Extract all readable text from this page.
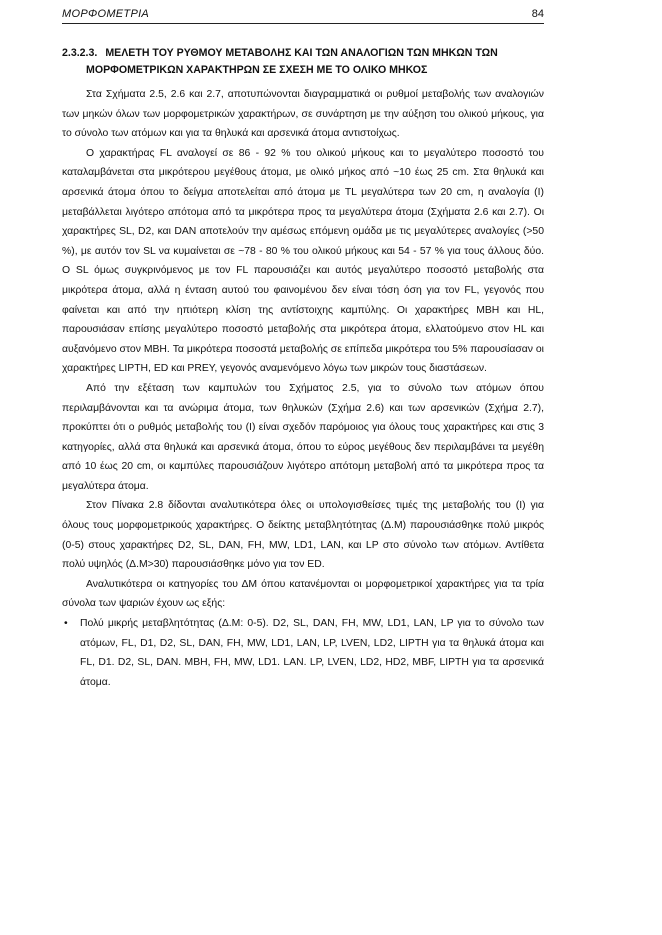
ΜΟΡΦΟΜΕΤΡΙΑ	84
2.3.2.3. ΜΕΛΕΤΗ ΤΟΥ ΡΥΘΜΟΥ ΜΕΤΑΒΟΛΗΣ ΚΑΙ ΤΩΝ ΑΝΑΛΟΓΙΩΝ ΤΩΝ ΜΗΚΩΝ ΤΩΝ ΜΟΡΦΟΜΕΤΡΙΚΩΝ ΧΑΡΑΚΤΗΡΩΝ ΣΕ ΣΧΕΣΗ ΜΕ ΤΟ ΟΛΙΚΟ ΜΗΚΟΣ

Στα Σχήματα 2.5, 2.6 και 2.7, αποτυπώνονται διαγραμματικά οι ρυθμοί μεταβολής των αναλογιών των μηκών όλων των μορφομετρικών χαρακτήρων, σε συνάρτηση με την αύξηση του ολικού μήκους, για το σύνολο των ατόμων και για τα θηλυκά και αρσενικά άτομα αντιστοίχως.

Ο χαρακτήρας FL αναλογεί σε 86 - 92 % του ολικού μήκους και το μεγαλύτερο ποσοστό του καταλαμβάνεται στα μικρότερου μεγέθους άτομα, με ολικό μήκος από ~10 έως 25 cm. Στα θηλυκά και αρσενικά άτομα όπου το δείγμα αποτελείται από άτομα με TL μεγαλύτερα των 20 cm, η αναλογία (I) μεταβάλλεται λιγότερο απότομα από τα μικρότερα προς τα μεγαλύτερα άτομα (Σχήματα 2.6 και 2.7). Οι χαρακτήρες SL, D2, και DAN αποτελούν την αμέσως επόμενη ομάδα με τις μεγαλύτερες αναλογίες (>50 %), με αυτόν τον SL να κυμαίνεται σε ~78 - 80 % του ολικού μήκους και 54 - 57 % για τους άλλους δύο. Ο SL όμως συγκρινόμενος με τον FL παρουσιάζει και αυτός μεγαλύτερο ποσοστό μεταβολής στα μικρότερα άτομα, αλλά η ένταση αυτού του φαινομένου δεν είναι τόση όση για τον FL, γεγονός που φαίνεται και από την ηπιότερη κλίση της αντίστοιχης καμπύλης. Οι χαρακτήρες MBH και HL, παρουσιάσαν επίσης μεγαλύτερο ποσοστό μεταβολής στα μικρότερα άτομα, ελλατούμενο στον HL και αυξανόμενο στον MBH. Τα μικρότερα ποσοστά μεταβολής σε επίπεδα μικρότερα του 5% παρουσίασαν οι χαρακτήρες LIPTH, ED και PREY, γεγονός αναμενόμενο λόγω των μικρών τους διαστάσεων.

Από την εξέταση των καμπυλών του Σχήματος 2.5, για το σύνολο των ατόμων όπου περιλαμβάνονται και τα ανώριμα άτομα, των θηλυκών (Σχήμα 2.6) και των αρσενικών (Σχήμα 2.7), προκύπτει ότι ο ρυθμός μεταβολής του (I) είναι σχεδόν παρόμοιος για όλους τους χαρακτήρες και στις 3 κατηγορίες, αλλά στα θηλυκά και αρσενικά άτομα, όπου το εύρος μεγέθους δεν περιλαμβάνει τα μεγέθη από 10 έως 20 cm, οι καμπύλες παρουσιάζουν λιγότερο απότομη μεταβολή από τα μικρότερα προς τα μεγαλύτερα άτομα.

Στον Πίνακα 2.8 δίδονται αναλυτικότερα όλες οι υπολογισθείσες τιμές της μεταβολής του (I) για όλους τους μορφομετρικούς χαρακτήρες. Ο δείκτης μεταβλητότητας (Δ.Μ) παρουσιάσθηκε πολύ μικρός (0-5) στους χαρακτήρες D2, SL, DAN, FH, MW, LD1, LAN, και LP στο σύνολο των ατόμων. Αντίθετα πολύ υψηλός (Δ.Μ>30) παρουσιάσθηκε μόνο για τον ED.

Αναλυτικότερα οι κατηγορίες του ΔΜ όπου κατανέμονται οι μορφομετρικοί χαρακτήρες για τα τρία σύνολα των ψαριών έχουν ως εξής:

• Πολύ μικρής μεταβλητότητας (Δ.Μ: 0-5). D2, SL, DAN, FH, MW, LD1, LAN, LP για το σύνολο των ατόμων, FL, D1, D2, SL, DAN, FH, MW, LD1, LAN, LP, LVEN, LD2, LIPTH για τα θηλυκά άτομα και FL, D1. D2, SL, DAN. MBH, FH, MW, LD1. LAN. LP, LVEN, LD2, HD2, MBF, LIPTH για τα αρσενικά άτομα.
